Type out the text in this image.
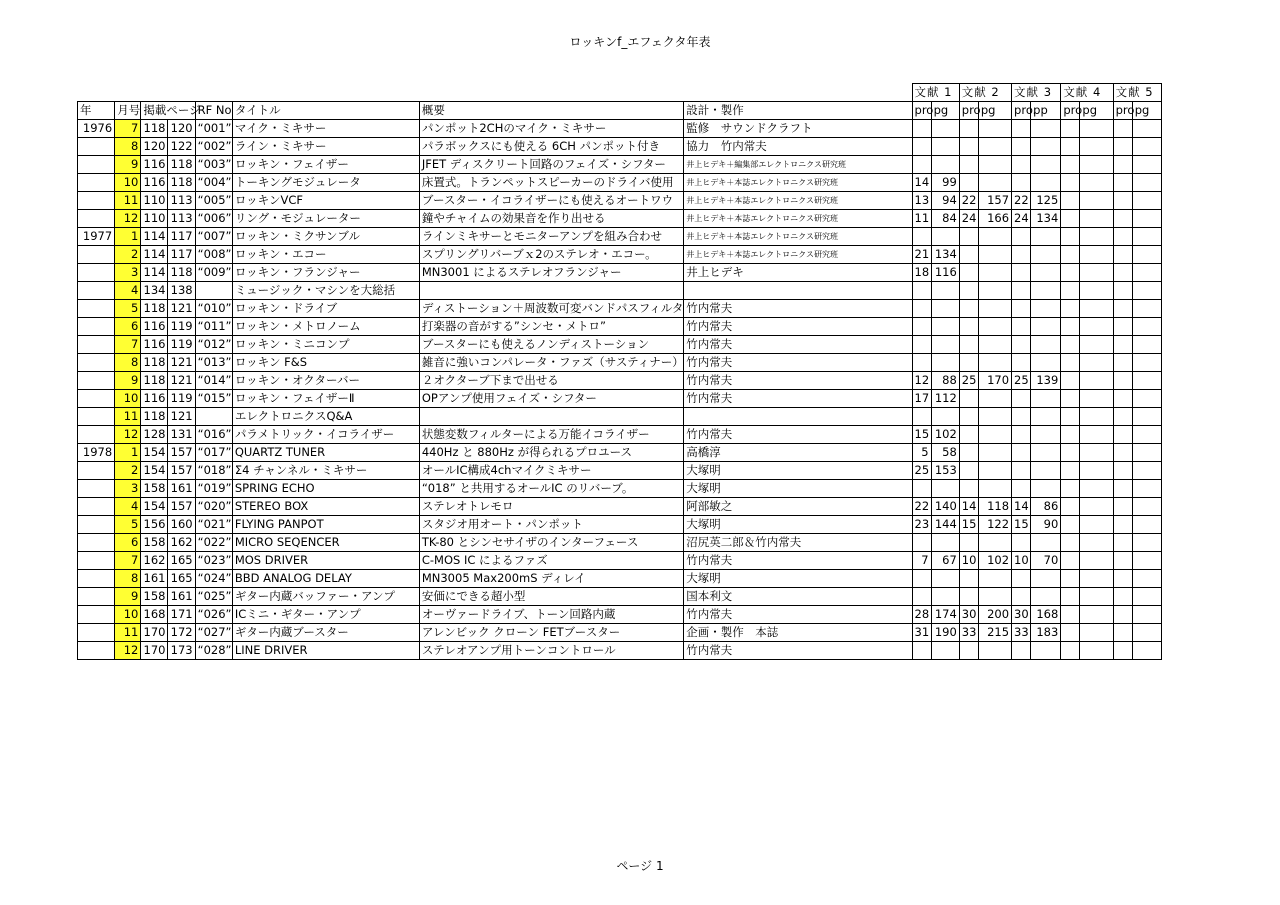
ロッキンf_エフェクタ年表
								文献 1		文献 2		文献 3		文献 4		文献 5	
年	月号	掲載ページ		RF No	タイトル	概要	設計・製作	pro	pg	pro	pg	pro.	pp	pro	pg	pro	pg
1976	7	118	120	“001”	マイク・ミキサー	パンポット2CHのマイク・ミキサー	監修　サウンドクラフト										
	8	120	122	“002”	ライン・ミキサー	パラボックスにも使える 6CH パンポット付き	協力　竹内常夫										
	9	116	118	“003”	ロッキン・フェイザー	JFET ディスクリート回路のフェイズ・シフター	井上ヒデキ＋編集部エレクトロニクス研究班										
	10	116	118	“004”	トーキングモジュレータ	床置式。トランペットスピーカーのドライバ使用	井上ヒデキ＋本誌エレクトロニクス研究班	14	99								
	11	110	113	“005”	ロッキンVCF	ブースター・イコライザーにも使えるオートワウ	井上ヒデキ＋本誌エレクトロニクス研究班	13	94	22	157	22	125				
	12	110	113	“006”	リング・モジュレーター	鐘やチャイムの効果音を作り出せる	井上ヒデキ＋本誌エレクトロニクス研究班	11	84	24	166	24	134				
1977	1	114	117	“007”	ロッキン・ミクサンブル	ラインミキサーとモニターアンプを組み合わせ	井上ヒデキ＋本誌エレクトロニクス研究班										
	2	114	117	“008”	ロッキン・エコー	スプリングリバーブｘ2のステレオ・エコー。	井上ヒデキ＋本誌エレクトロニクス研究班	21	134								
	3	114	118	“009”	ロッキン・フランジャー	MN3001 によるステレオフランジャー	井上ヒデキ	18	116								
	4	134	138		ミュージック・マシンを大総括												
	5	118	121	“010”	ロッキン・ドライブ	ディストーション＋周波数可変バンドパスフィルタ	竹内常夫										
	6	116	119	“011”	ロッキン・メトロノーム	打楽器の音がする”シンセ・メトロ”	竹内常夫										
	7	116	119	“012”	ロッキン・ミニコンプ	ブースターにも使えるノンディストーション	竹内常夫										
	8	118	121	“013”	ロッキン F&S	雑音に強いコンパレータ・ファズ（サスティナー）	竹内常夫										
	9	118	121	“014”	ロッキン・オクターバー	２オクターブ下まで出せる	竹内常夫	12	88	25	170	25	139				
	10	116	119	“015”	ロッキン・フェイザーⅡ	OPアンプ使用フェイズ・シフター	竹内常夫	17	112								
	11	118	121		エレクトロニクスQ&A												
	12	128	131	“016”	パラメトリック・イコライザー	状態変数フィルターによる万能イコライザー	竹内常夫	15	102								
1978	1	154	157	“017”	QUARTZ TUNER	440Hz と 880Hz が得られるプロユース	高橋淳	5	58								
	2	154	157	“018”	Σ4 チャンネル・ミキサー	オールIC構成4chマイクミキサー	大塚明	25	153								
	3	158	161	“019”	SPRING ECHO	“018” と共用するオールIC のリバーブ。	大塚明										
	4	154	157	“020”	STEREO BOX	ステレオトレモロ	阿部敏之	22	140	14	118	14	86				
	5	156	160	“021”	FLYING PANPOT	スタジオ用オート・パンポット	大塚明	23	144	15	122	15	90				
	6	158	162	“022”	MICRO SEQENCER	TK-80 とシンセサイザのインターフェース	沼尻英二郎＆竹内常夫										
	7	162	165	“023”	MOS DRIVER	C-MOS IC によるファズ	竹内常夫	7	67	10	102	10	70				
	8	161	165	“024”	BBD ANALOG DELAY	MN3005 Max200mS ディレイ	大塚明										
	9	158	161	“025”	ギター内蔵バッファー・アンプ	安価にできる超小型	国本利文										
	10	168	171	“026”	ICミニ・ギター・アンプ	オーヴァードライブ、トーン回路内蔵	竹内常夫	28	174	30	200	30	168				
	11	170	172	“027”	ギター内蔵ブースター	アレンビック クローン FETブースター	企画・製作　本誌	31	190	33	215	33	183				
	12	170	173	“028”	LINE DRIVER	ステレオアンプ用トーンコントロール	竹内常夫										
ページ 1
